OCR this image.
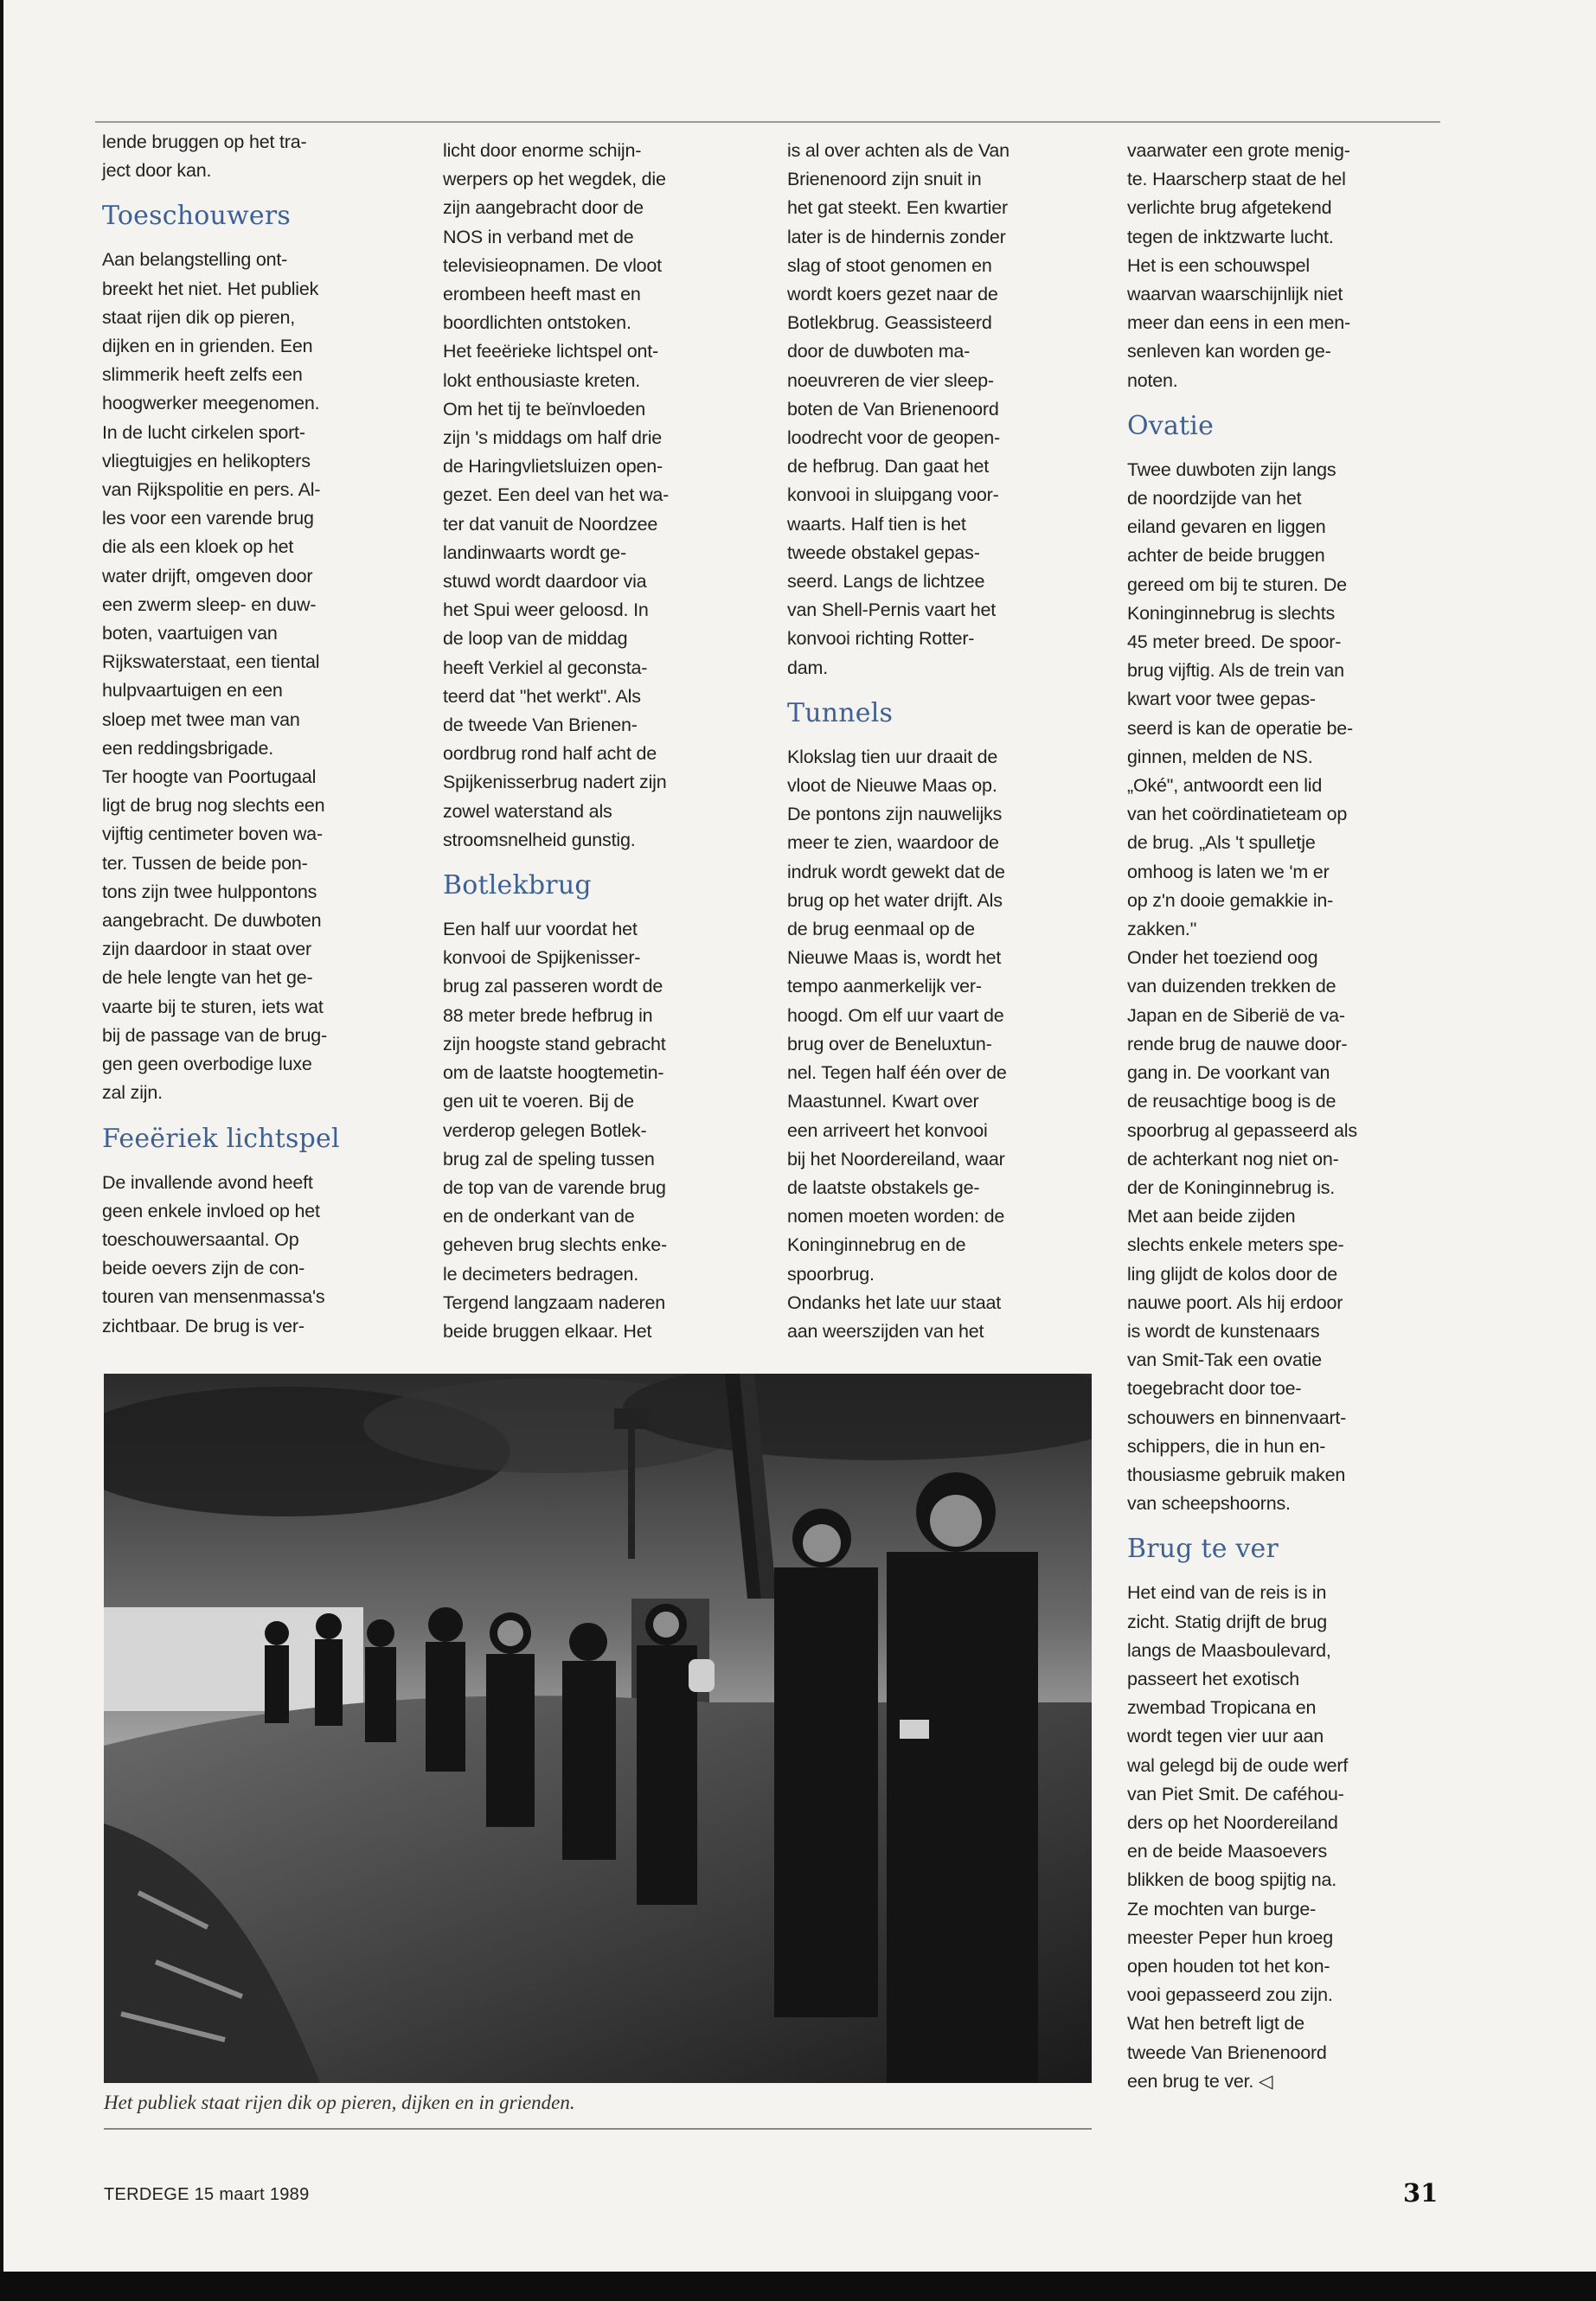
lende bruggen op het tra-
ject door kan.

Toeschouwers

Aan belangstelling ont-
breekt het niet. Het publiek
staat rijen dik op pieren,
dijken en in grienden. Een
slimmerik heeft zelfs een
hoogwerker meegenomen.
In de lucht cirkelen sport-
vliegtuigjes en helikopters
van Rijkspolitie en pers. Al-
les voor een varende brug
die als een kloek op het
water drijft, omgeven door
een zwerm sleep- en duw-
boten, vaartuigen van
Rijkswaterstaat, een tiental
hulpvaartuigen en een
sloep met twee man van
een reddingsbrigade.
Ter hoogte van Poortugaal
ligt de brug nog slechts een
vijftig centimeter boven wa-
ter. Tussen de beide pon-
tons zijn twee hulppontons
aangebracht. De duwboten
zijn daardoor in staat over
de hele lengte van het ge-
vaarte bij te sturen, iets wat
bij de passage van de brug-
gen geen overbodige luxe
zal zijn.

Feeëriek lichtspel

De invallende avond heeft
geen enkele invloed op het
toeschouwersaantal. Op
beide oevers zijn de con-
touren van mensenmassa's
zichtbaar. De brug is ver-

licht door enorme schijn-
werpers op het wegdek, die
zijn aangebracht door de
NOS in verband met de
televisieopnamen. De vloot
erombeen heeft mast en
boordlichten ontstoken.
Het feeërieke lichtspel ont-
lokt enthousiaste kreten.
Om het tij te beïnvloeden
zijn 's middags om half drie
de Haringvlietsluizen open-
gezet. Een deel van het wa-
ter dat vanuit de Noordzee
landinwaarts wordt ge-
stuwd wordt daardoor via
het Spui weer geloosd. In
de loop van de middag
heeft Verkiel al geconsta-
teerd dat "het werkt". Als
de tweede Van Brienen-
oordbrug rond half acht de
Spijkenisserbrug nadert zijn
zowel waterstand als
stroomsnelheid gunstig.

Botlekbrug

Een half uur voordat het
konvooi de Spijkenisser-
brug zal passeren wordt de
88 meter brede hefbrug in
zijn hoogste stand gebracht
om de laatste hoogtemetin-
gen uit te voeren. Bij de
verderop gelegen Botlek-
brug zal de speling tussen
de top van de varende brug
en de onderkant van de
geheven brug slechts enke-
le decimeters bedragen.
Tergend langzaam naderen
beide bruggen elkaar. Het

is al over achten als de Van
Brienenoord zijn snuit in
het gat steekt. Een kwartier
later is de hindernis zonder
slag of stoot genomen en
wordt koers gezet naar de
Botlekbrug. Geassisteerd
door de duwboten ma-
noeuvreren de vier sleep-
boten de Van Brienenoord
loodrecht voor de geopen-
de hefbrug. Dan gaat het
konvooi in sluipgang voor-
waarts. Half tien is het
tweede obstakel gepas-
seerd. Langs de lichtzee
van Shell-Pernis vaart het
konvooi richting Rotter-
dam.

Tunnels

Klokslag tien uur draait de
vloot de Nieuwe Maas op.
De pontons zijn nauwelijks
meer te zien, waardoor de
indruk wordt gewekt dat de
brug op het water drijft. Als
de brug eenmaal op de
Nieuwe Maas is, wordt het
tempo aanmerkelijk ver-
hoogd. Om elf uur vaart de
brug over de Beneluxtun-
nel. Tegen half één over de
Maastunnel. Kwart over
een arriveert het konvooi
bij het Noordereiland, waar
de laatste obstakels ge-
nomen moeten worden: de
Koninginnebrug en de
spoorbrug.
Ondanks het late uur staat
aan weerszijden van het

vaarwater een grote menig-
te. Haarscherp staat de hel
verlichte brug afgetekend
tegen de inktzwarte lucht.
Het is een schouwspel
waarvan waarschijnlijk niet
meer dan eens in een men-
senleven kan worden ge-
noten.

Ovatie

Twee duwboten zijn langs
de noordzijde van het
eiland gevaren en liggen
achter de beide bruggen
gereed om bij te sturen. De
Koninginnebrug is slechts
45 meter breed. De spoor-
brug vijftig. Als de trein van
kwart voor twee gepas-
seerd is kan de operatie be-
ginnen, melden de NS.
„Oké", antwoordt een lid
van het coördinatieteam op
de brug. „Als 't spulletje
omhoog is laten we 'm er
op z'n dooie gemakkie in-
zakken."
Onder het toeziend oog
van duizenden trekken de
Japan en de Siberië de va-
rende brug de nauwe door-
gang in. De voorkant van
de reusachtige boog is de
spoorbrug al gepasseerd als
de achterkant nog niet on-
der de Koninginnebrug is.
Met aan beide zijden
slechts enkele meters spe-
ling glijdt de kolos door de
nauwe poort. Als hij erdoor
is wordt de kunstenaars
van Smit-Tak een ovatie
toegebracht door toe-
schouwers en binnenvaart-
schippers, die in hun en-
thousiasme gebruik maken
van scheepshoorns.

Brug te ver

Het eind van de reis is in
zicht. Statig drijft de brug
langs de Maasboulevard,
passeert het exotisch
zwembad Tropicana en
wordt tegen vier uur aan
wal gelegd bij de oude werf
van Piet Smit. De caféhou-
ders op het Noordereiland
en de beide Maasoevers
blikken de boog spijtig na.
Ze mochten van burge-
meester Peper hun kroeg
open houden tot het kon-
vooi gepasseerd zou zijn.
Wat hen betreft ligt de
tweede Van Brienenoord
een brug te ver. ◁

Het publiek staat rijen dik op pieren, dijken en in grienden.
TERDEGE 15 maart 1989	31
